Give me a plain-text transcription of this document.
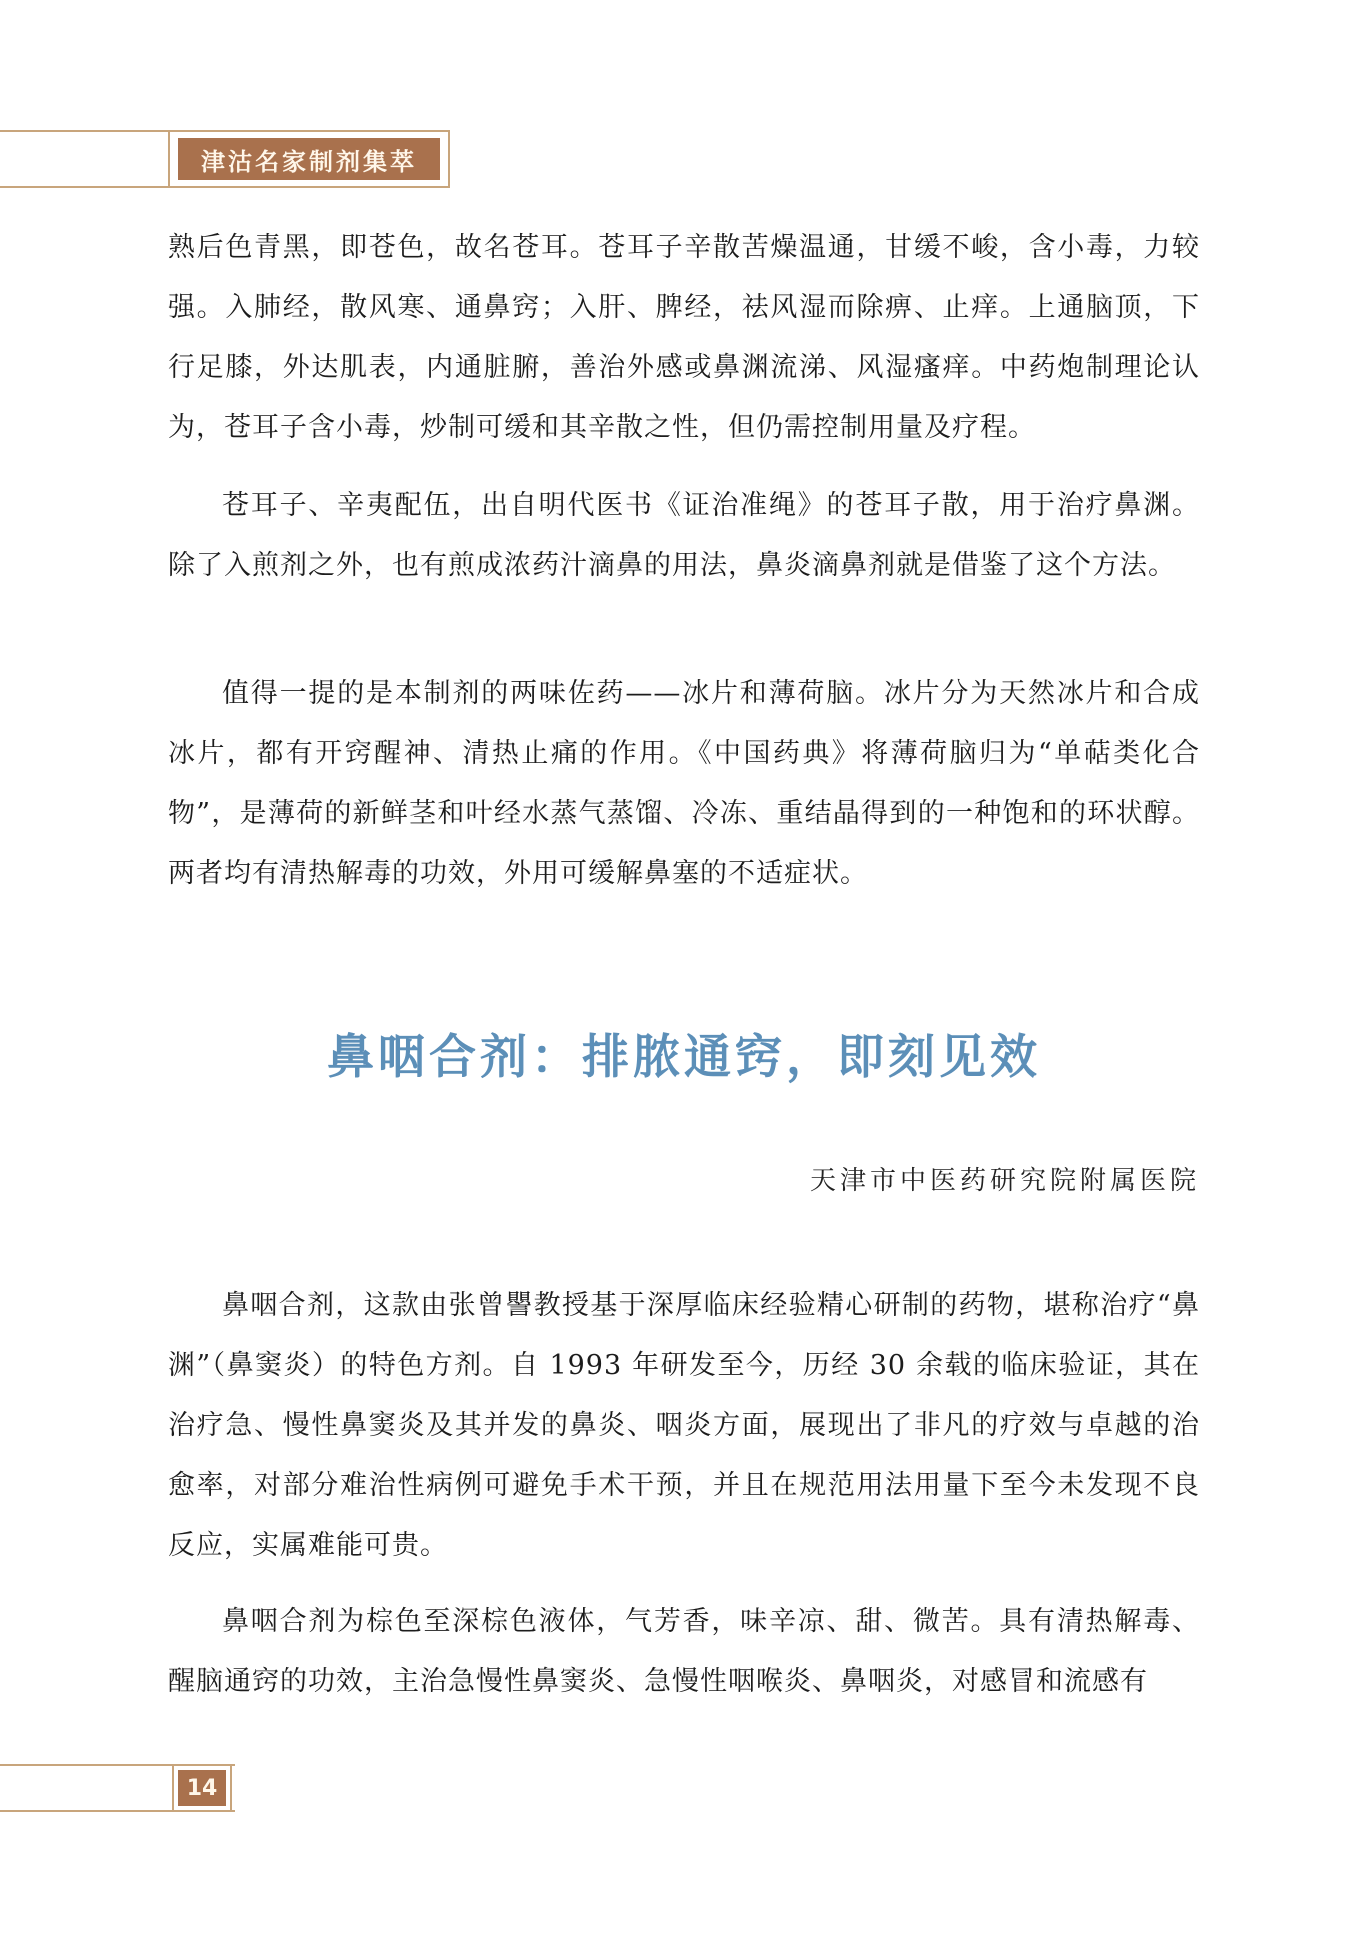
津沽名家制剂集萃

熟后色青黑，即苍色，故名苍耳。苍耳子辛散苦燥温通，甘缓不峻，含小毒，力较强。入肺经，散风寒、通鼻窍；入肝、脾经，祛风湿而除痹、止痒。上通脑顶，下行足膝，外达肌表，内通脏腑，善治外感或鼻渊流涕、风湿瘙痒。中药炮制理论认为，苍耳子含小毒，炒制可缓和其辛散之性，但仍需控制用量及疗程。

苍耳子、辛夷配伍，出自明代医书《证治准绳》的苍耳子散，用于治疗鼻渊。除了入煎剂之外，也有煎成浓药汁滴鼻的用法，鼻炎滴鼻剂就是借鉴了这个方法。

值得一提的是本制剂的两味佐药——冰片和薄荷脑。冰片分为天然冰片和合成冰片，都有开窍醒神、清热止痛的作用。《中国药典》将薄荷脑归为“单萜类化合物”，是薄荷的新鲜茎和叶经水蒸气蒸馏、冷冻、重结晶得到的一种饱和的环状醇。两者均有清热解毒的功效，外用可缓解鼻塞的不适症状。

鼻咽合剂：排脓通窍，即刻见效

天津市中医药研究院附属医院

鼻咽合剂，这款由张曾譻教授基于深厚临床经验精心研制的药物，堪称治疗“鼻渊”（鼻窦炎）的特色方剂。自 1993 年研发至今，历经 30 余载的临床验证，其在治疗急、慢性鼻窦炎及其并发的鼻炎、咽炎方面，展现出了非凡的疗效与卓越的治愈率，对部分难治性病例可避免手术干预，并且在规范用法用量下至今未发现不良反应，实属难能可贵。

鼻咽合剂为棕色至深棕色液体，气芳香，味辛凉、甜、微苦。具有清热解毒、醒脑通窍的功效，主治急慢性鼻窦炎、急慢性咽喉炎、鼻咽炎，对感冒和流感有

14
